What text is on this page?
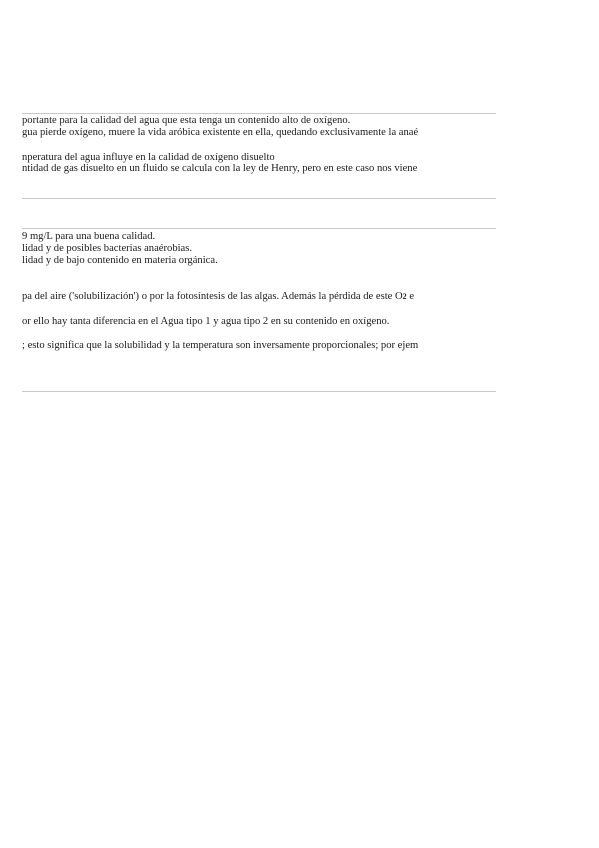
portante para la calidad del agua que esta tenga un contenido alto de oxígeno.
gua pierde oxígeno, muere la vida aróbica existente en ella, quedando exclusivamente la anaé
nperatura del agua influye en la calidad de oxígeno disuelto
ntidad de gas disuelto en un fluido se calcula con la ley de Henry, pero en este caso nos viene
9 mg/L para una buena calidad.
lidad y de posibles bacterias anaérobias.
lidad y de bajo contenido en materia orgánica.
pa del aire ('solubilización') o por la fotosíntesis de las algas. Además la pérdida de este O2 e
or ello hay tanta diferencia en el Agua tipo 1 y agua tipo 2 en su contenido en oxígeno.
; esto significa que la solubilidad y la temperatura son inversamente proporcionales; por ejem
